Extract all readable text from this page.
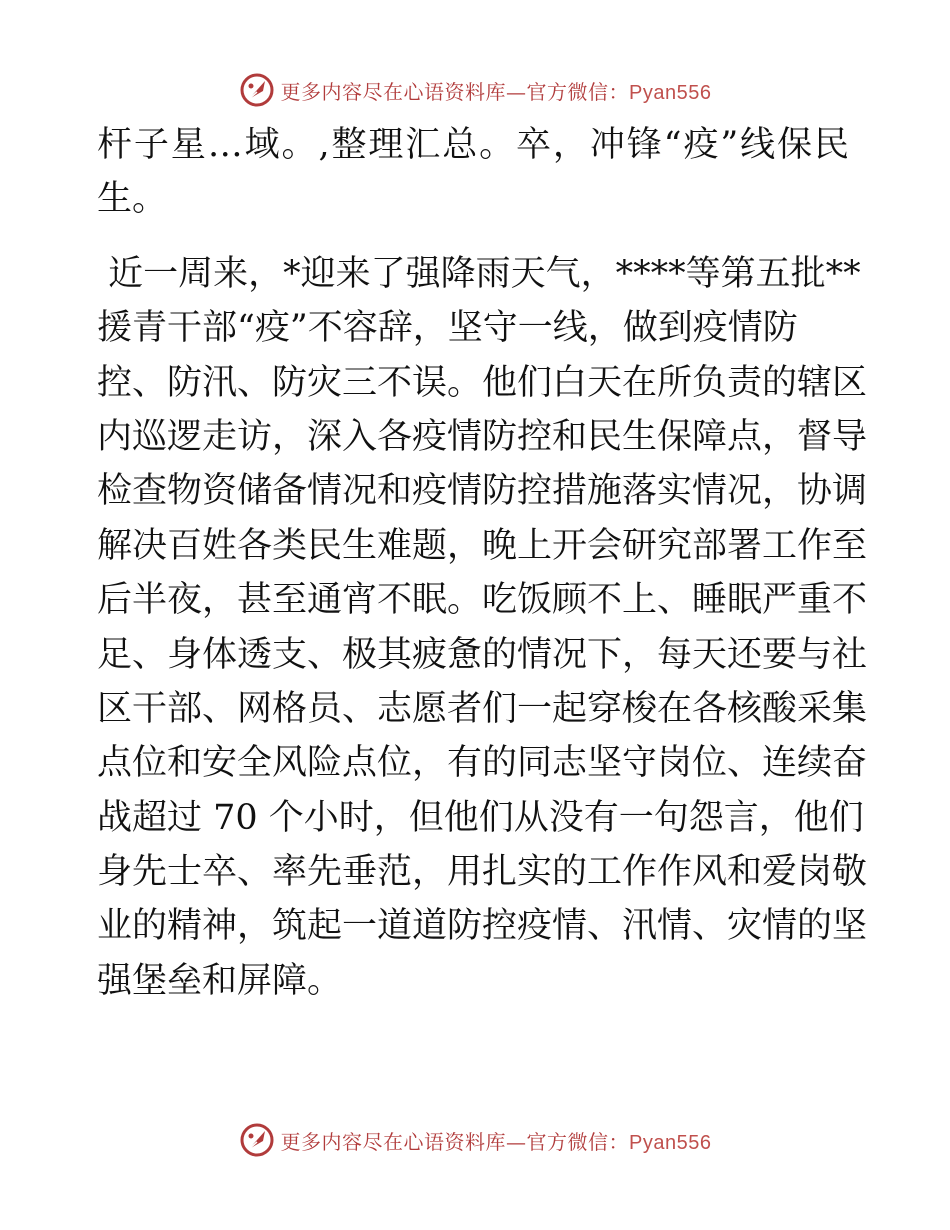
更多内容尽在心语资料库—官方微信：Pyan556

杆子星…域。,整理汇总。卒，冲锋“疫”线保民
生。

近一周来，*迎来了强降雨天气，****等第五批**
援青干部“疫”不容辞，坚守一线，做到疫情防
控、防汛、防灾三不误。他们白天在所负责的辖区
内巡逻走访，深入各疫情防控和民生保障点，督导
检查物资储备情况和疫情防控措施落实情况，协调
解决百姓各类民生难题，晚上开会研究部署工作至
后半夜，甚至通宵不眠。吃饭顾不上、睡眠严重不
足、身体透支、极其疲惫的情况下，每天还要与社
区干部、网格员、志愿者们一起穿梭在各核酸采集
点位和安全风险点位，有的同志坚守岗位、连续奋
战超过 70 个小时，但他们从没有一句怨言，他们
身先士卒、率先垂范，用扎实的工作作风和爱岗敬
业的精神，筑起一道道防控疫情、汛情、灾情的坚
强堡垒和屏障。

更多内容尽在心语资料库—官方微信：Pyan556
